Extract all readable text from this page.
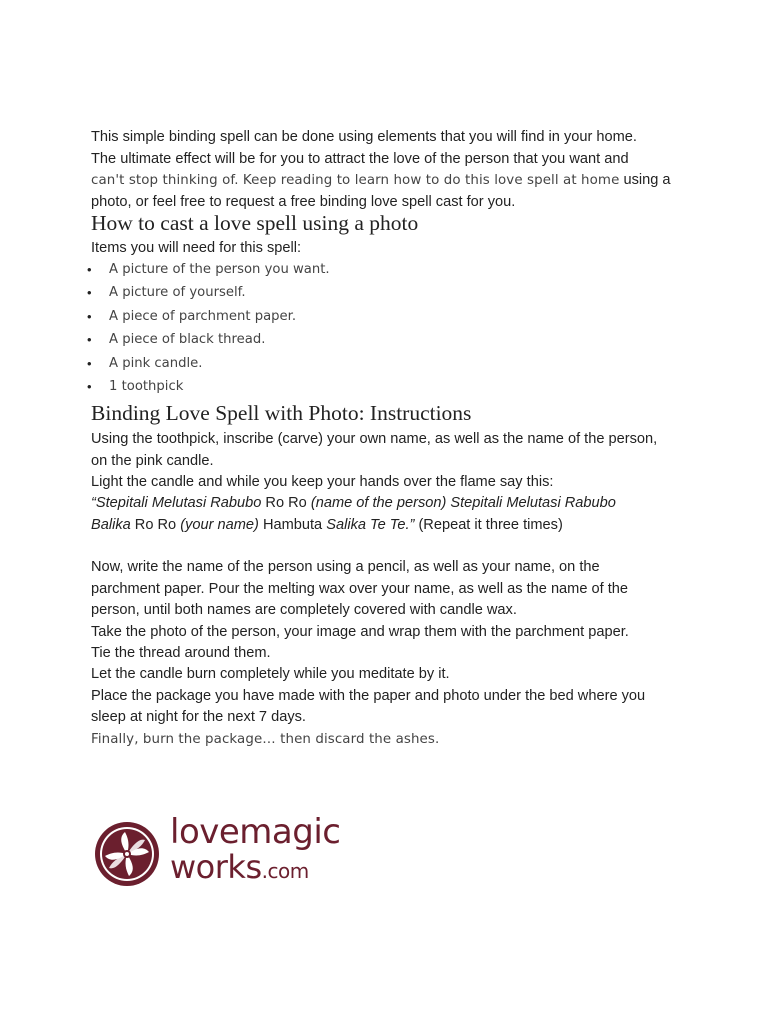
This simple binding spell can be done using elements that you will find in your home.

The ultimate effect will be for you to attract the love of the person that you want and

can't stop thinking of. Keep reading to learn how to do this love spell at home using a

photo, or feel free to request a free binding love spell cast for you.

How to cast a love spell using a photo

Items you will need for this spell:

• A picture of the person you want.
• A picture of yourself.
• A piece of parchment paper.
• A piece of black thread.
• A pink candle.
• 1 toothpick
Binding Love Spell with Photo: Instructions

Using the toothpick, inscribe (carve) your own name, as well as the name of the person,

on the pink candle.

Light the candle and while you keep your hands over the flame say this:

“Stepitali Melutasi Rabubo Ro Ro (name of the person) Stepitali Melutasi Rabubo

Balika Ro Ro (your name) Hambuta Salika Te Te.” (Repeat it three times)

Now, write the name of the person using a pencil, as well as your name, on the

parchment paper. Pour the melting wax over your name, as well as the name of the

person, until both names are completely covered with candle wax.

Take the photo of the person, your image and wrap them with the parchment paper.

Tie the thread around them.

Let the candle burn completely while you meditate by it.

Place the package you have made with the paper and photo under the bed where you

sleep at night for the next 7 days.

Finally, burn the package… then discard the ashes.

lovemagic
works.com
